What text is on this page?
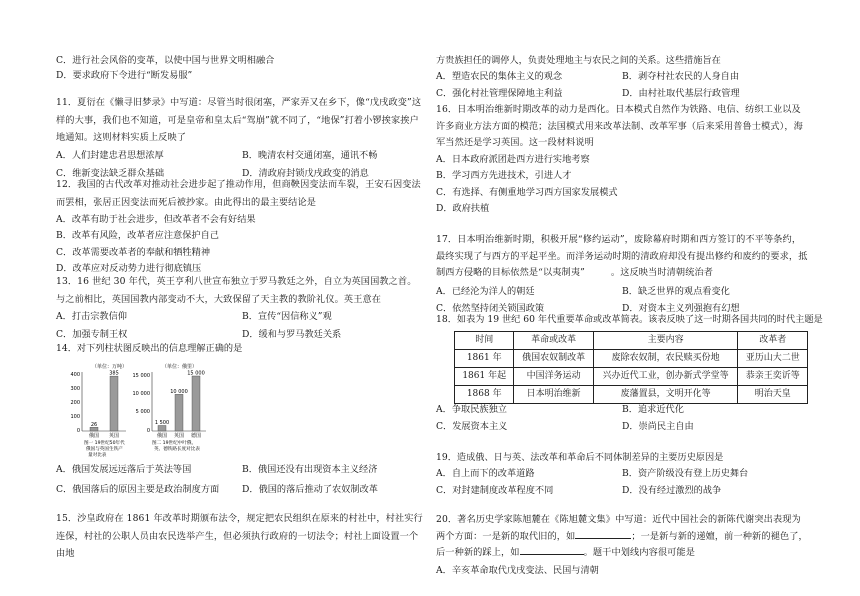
C．进行社会风俗的变革，以使中国与世界文明相融合

D．要求政府下令进行“断发易服”

11．夏衍在《懒寻旧梦录》中写道：尽管当时很闭塞，严家弄又在乡下，像“戊戌政变”这样的大事，我们也不知道，可是皇帝和皇太后“驾崩”就不同了，“地保”打着小锣挨家挨户地通知。这则材料实质上反映了

A．人们封建忠君思想浓厚	B．晚清农村交通闭塞，通讯不畅
C．维新变法缺乏群众基础	D．清政府封锁戊戌政变的消息

12．我国的古代改革对推动社会进步起了推动作用，但商鞅因变法而车裂，王安石因变法而罢相，张居正因变法而死后被抄家。由此得出的最主要结论是

A．改革有助于社会进步，但改革者不会有好结果

B．改革有风险，改革者应注意保护自己

C．改革需要改革者的奉献和牺牲精神

D．改革应对反动势力进行彻底镇压

13．16 世纪 30 年代，英王亨利八世宣布独立于罗马教廷之外，自立为英国国教之首。与之前相比，英国国教内部变动不大，大致保留了天主教的教阶礼仪。英王意在

A．打击宗教信仰	B．宣传“因信称义”观
C．加强专制王权	D．缓和与罗马教廷关系

14．对下列柱状图反映出的信息理解正确的是

（单位：万吨）
400
300
200
100
0
俄国 英国
图一 19世纪50年代
俄国与英国生铁产
量对比表
26
385
（单位：俄里）
15 000
10 000
5 000
0
俄国 英国 德国
图二 19世纪中叶俄、
英、德铁路长度对比表
1 500
10 000
15 000
A．俄国发展远远落后于英法等国	B．俄国还没有出现资本主义经济
C．俄国落后的原因主要是政治制度方面 D．俄国的落后推动了农奴制改革

15．沙皇政府在 1861 年改革时期颁布法令，规定把农民组织在原来的村社中，村社实行连保，村社的公职人员由农民选举产生，但必须执行政府的一切法令；村社上面设置一个由地

方贵族担任的调停人，负责处理地主与农民之间的关系。这些措施旨在

A．塑造农民的集体主义的观念	B．剥夺村社农民的人身自由
C．强化村社管理保障地主利益	D．由村社取代基层行政管理

16．日本明治维新时期改革的动力是西化。日本模式自然作为铁路、电信、纺织工业以及许多商业方法方面的模范；法国模式用来改革法制、改革军事（后来采用普鲁士模式），海军当然还是学习英国。这一段材料说明

A．日本政府派团赴西方进行实地考察

B．学习西方先进技术，引进人才

C．有选择、有侧重地学习西方国家发展模式

D．政府扶植

17．日本明治维新时期，积极开展“修约运动”，废除幕府时期和西方签订的不平等条约，最终实现了与西方的平起平坐。而洋务运动时期的清政府却没有提出修约和废约的要求，抵制西方侵略的目标依然是“以夷制夷”	。这反映当时清朝统治者

A．已经沦为洋人的朝廷	B．缺乏世界的观点看变化
C．依然坚持闭关锁国政策	D．对资本主义列强抱有幻想

18．如表为 19 世纪 60 年代重要革命或改革简表。该表反映了这一时期各国共同的时代主题是

时间	革命或改革	主要内容	改革者
1861 年	俄国农奴制改革	废除农奴制，农民赎买份地	亚历山大二世
1861 年起	中国洋务运动	兴办近代工业，创办新式学堂等	恭亲王奕䜣等
1868 年	日本明治维新	废藩置县，文明开化等	明治天皇
A．争取民族独立	B．追求近代化
C．发展资本主义	D．崇尚民主自由

19．造成俄、日与英、法改革和革命后不同体制差异的主要历史原因是

A．自上而下的改革道路	B．资产阶级没有登上历史舞台
C．对封建制度改革程度不同	D．没有经过激烈的战争

20．著名历史学家陈旭麓在《陈旭麓文集》中写道：近代中国社会的新陈代谢突出表现为两个方面：一是新的取代旧的，如	；一是新与新的递嬗，前一种新的褪色了，后一种新的踩上，如	。题干中划线内容很可能是

A．辛亥革命取代戊戌变法、民国与清朝
